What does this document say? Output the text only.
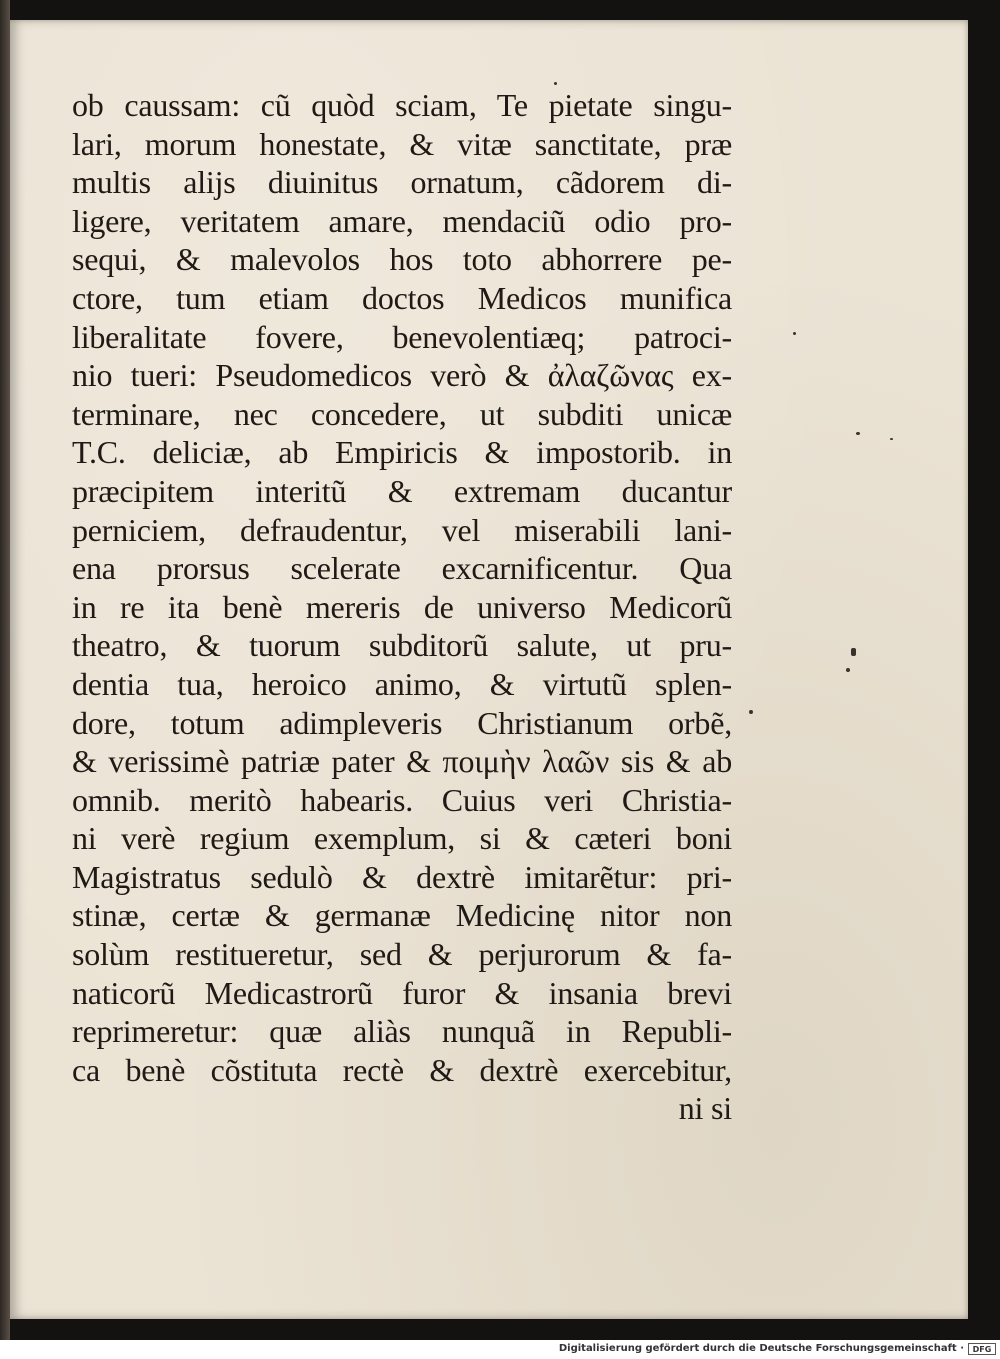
ob caussam: cũ quòd sciam, Te pietate singu-
lari, morum honestate, & vitæ sanctitate, præ
multis alijs diuinitus ornatum, cãdorem di-
ligere, veritatem amare, mendaciũ odio pro-
sequi, & malevolos hos toto abhorrere pe-
ctore, tum etiam doctos Medicos munifica
liberalitate fovere, benevolentiæq; patroci-
nio tueri: Pseudomedicos verò & ἀλαζῶνας ex-
terminare, nec concedere, ut subditi unicæ
T.C. deliciæ, ab Empiricis & impostorib. in
præcipitem interitũ & extremam ducantur
perniciem, defraudentur, vel miserabili lani-
ena prorsus scelerate excarnificentur. Qua
in re ita benè mereris de universo Medicorũ
theatro, & tuorum subditorũ salute, ut pru-
dentia tua, heroico animo, & virtutũ splen-
dore, totum adimpleveris Christianum orbẽ,
& verissimè patriæ pater & ποιμὴν λαῶν sis & ab
omnib. meritò habearis. Cuius veri Christia-
ni verè regium exemplum, si & cæteri boni
Magistratus sedulò & dextrè imitarẽtur: pri-
stinæ, certæ & germanæ Medicinę nitor non
solùm restitueretur, sed & perjurorum & fa-
naticorũ Medicastrorũ furor & insania brevi
reprimeretur: quæ aliàs nunquã in Republi-
ca benè cõstituta rectè & dextrè exercebitur,
ni si
Digitalisierung gefördert durch die Deutsche Forschungsgemeinschaft ·	DFG
